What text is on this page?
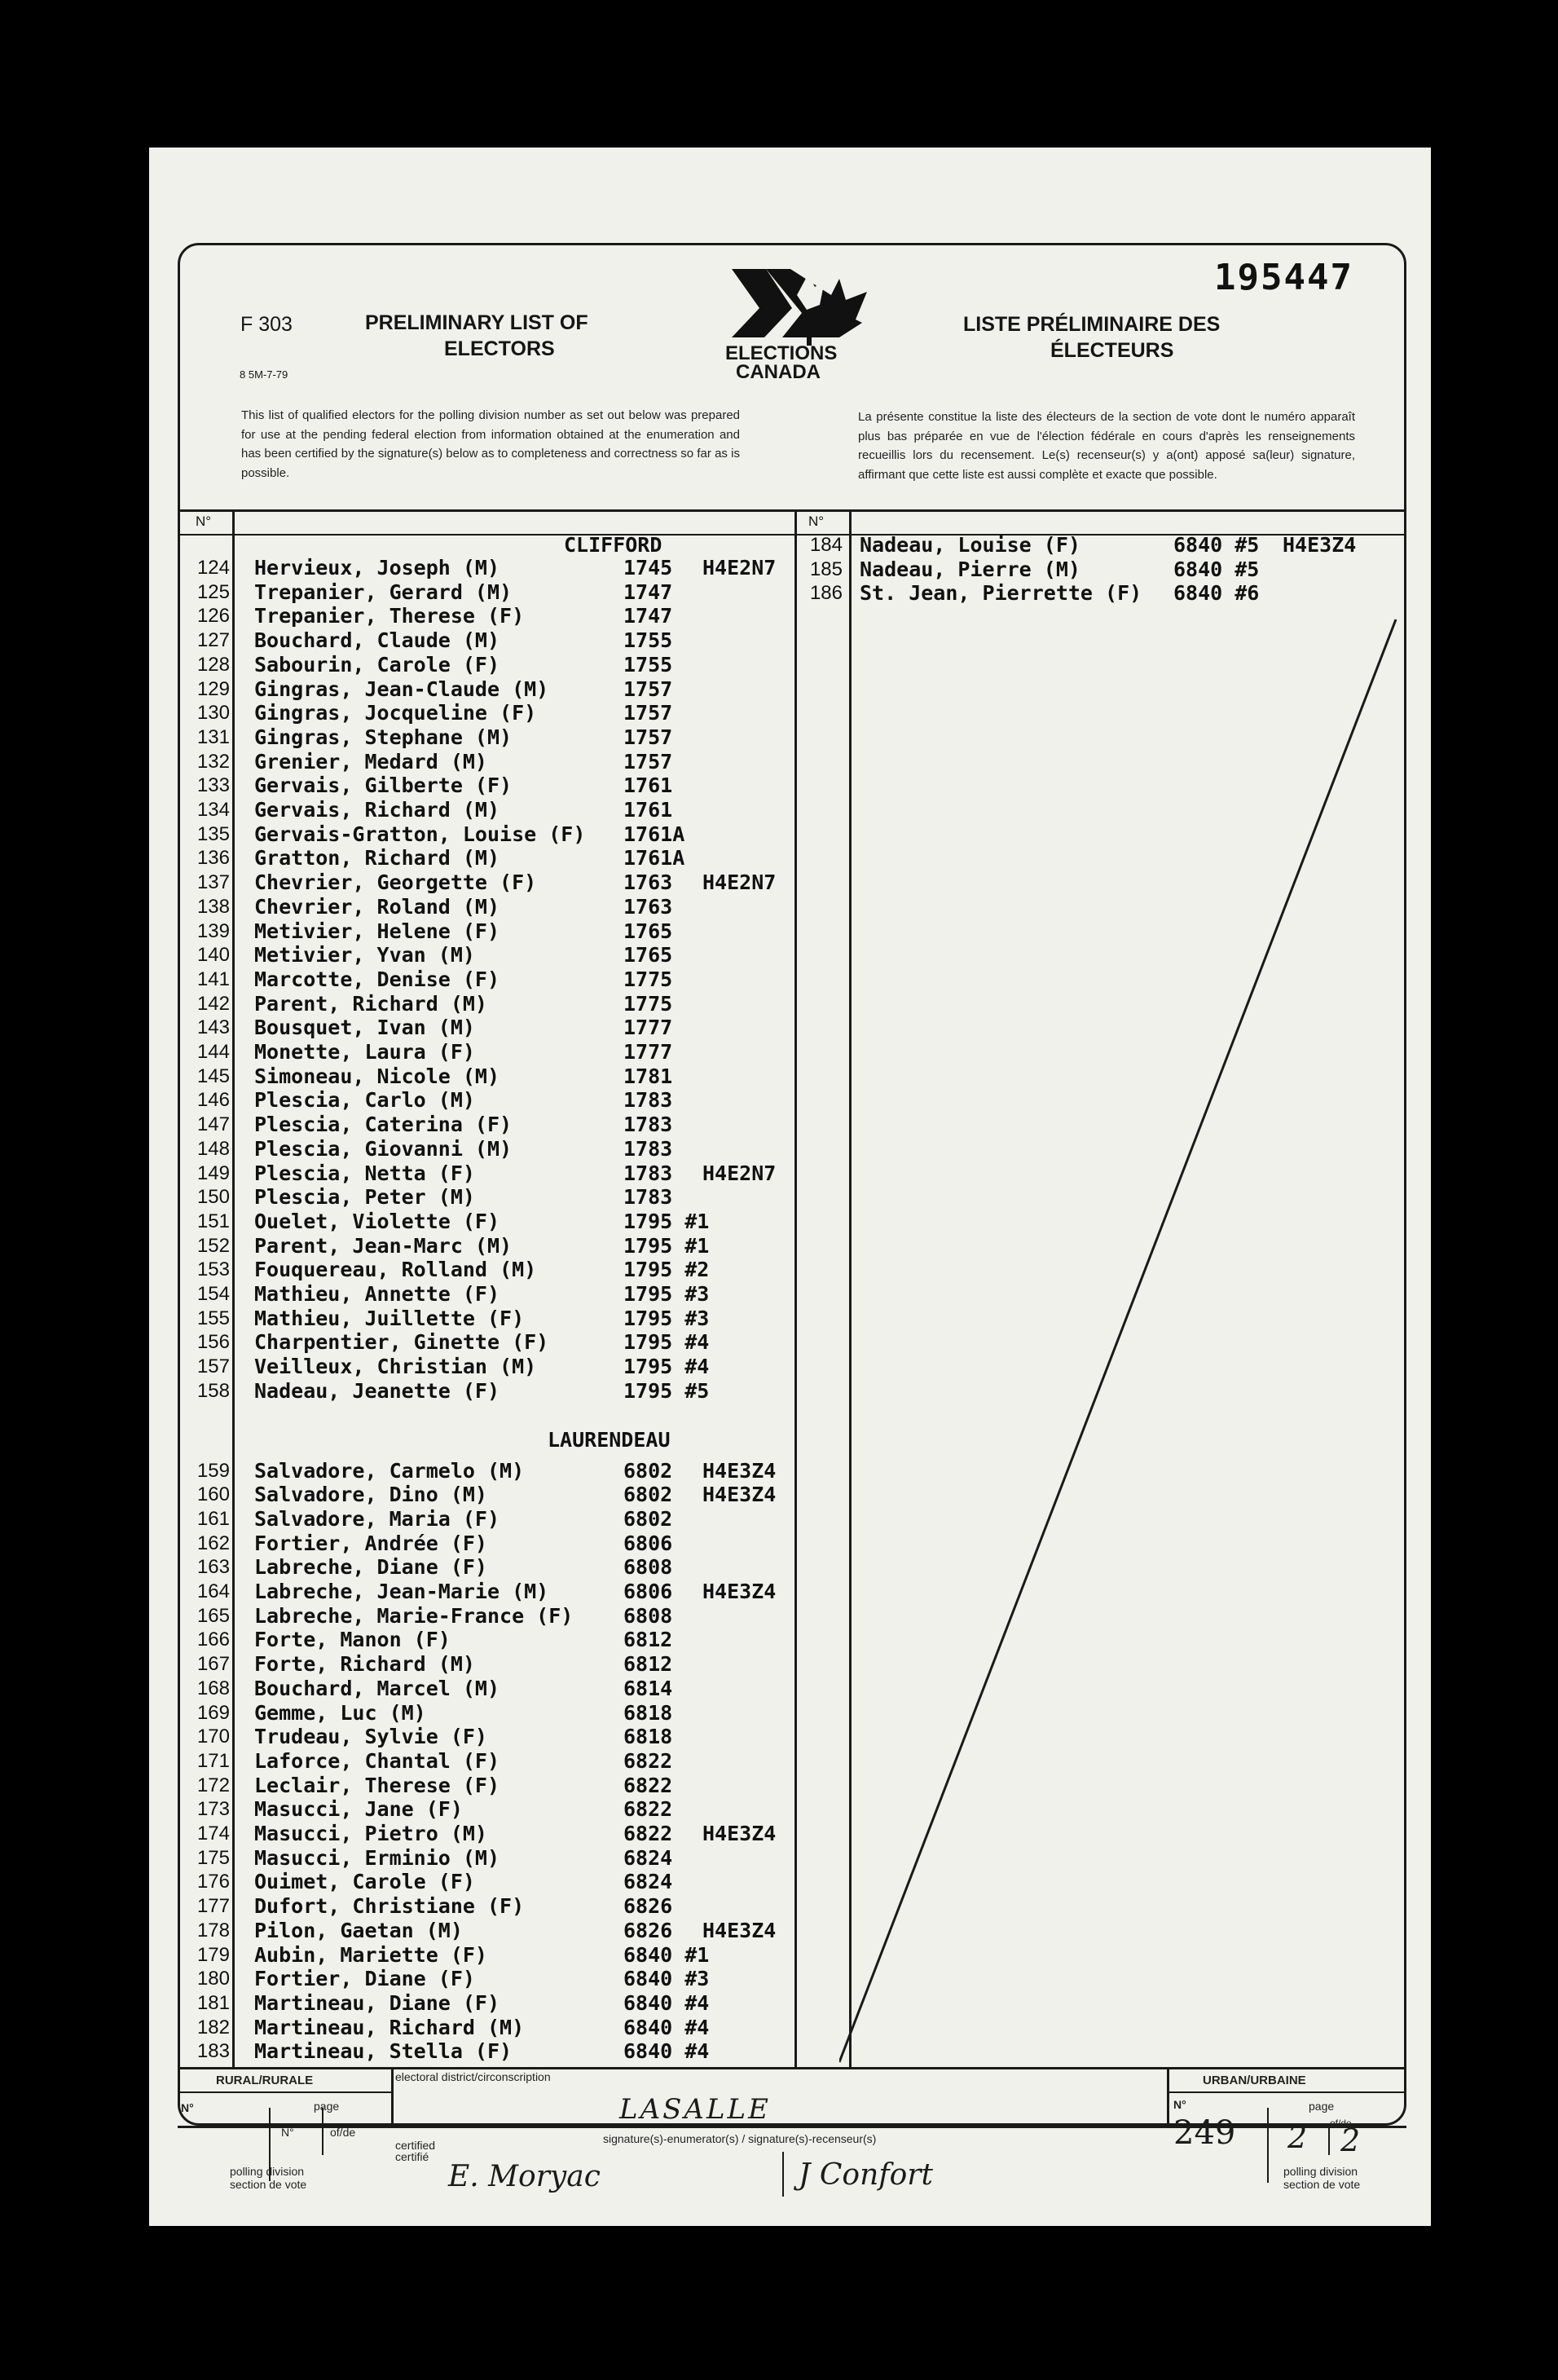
195447
F 303
8 5M-7-79
PRELIMINARY LIST OF
ELECTORS	ELECTIONS
CANADA
LISTE PRÉLIMINAIRE DES
ÉLECTEURS
This list of qualified electors for the polling division number as set out below was prepared for use at the pending federal election from information obtained at the enumeration and has been certified by the signature(s) below as to completeness and correctness so far as is possible.
La présente constitue la liste des électeurs de la section de vote dont le numéro apparaît plus bas préparée en vue de l'élection fédérale en cours d'après les renseignements recueillis lors du recensement. Le(s) recenseur(s) y a(ont) apposé sa(leur) signature, affirmant que cette liste est aussi complète et exacte que possible.
N°	N°
CLIFFORD
LAURENDEAU
124 Hervieux, Joseph (M)	1745 H4E2N7
125 Trepanier, Gerard (M)	1747
126 Trepanier, Therese (F)	1747
127 Bouchard, Claude (M)	1755
128 Sabourin, Carole (F)	1755
129 Gingras, Jean-Claude (M)	1757
130 Gingras, Jocqueline (F)	1757
131 Gingras, Stephane (M)	1757
132 Grenier, Medard (M)	1757
133 Gervais, Gilberte (F)	1761
134 Gervais, Richard (M)	1761
135 Gervais-Gratton, Louise (F) 1761A
136 Gratton, Richard (M)	1761A
137 Chevrier, Georgette (F)	1763 H4E2N7
138 Chevrier, Roland (M)	1763
139 Metivier, Helene (F)	1765
140 Metivier, Yvan (M)	1765
141 Marcotte, Denise (F)	1775
142 Parent, Richard (M)	1775
143 Bousquet, Ivan (M)	1777
144 Monette, Laura (F)	1777
145 Simoneau, Nicole (M)	1781
146 Plescia, Carlo (M)	1783
147 Plescia, Caterina (F)	1783
148 Plescia, Giovanni (M)	1783
149 Plescia, Netta (F)	1783 H4E2N7
150 Plescia, Peter (M)	1783
151 Ouelet, Violette (F)	1795 #1
152 Parent, Jean-Marc (M)	1795 #1
153 Fouquereau, Rolland (M)	1795 #2
154 Mathieu, Annette (F)	1795 #3
155 Mathieu, Juillette (F)	1795 #3
156 Charpentier, Ginette (F)	1795 #4
157 Veilleux, Christian (M)	1795 #4
158 Nadeau, Jeanette (F)	1795 #5
159 Salvadore, Carmelo (M)	6802 H4E3Z4
160 Salvadore, Dino (M)	6802 H4E3Z4
161 Salvadore, Maria (F)	6802
162 Fortier, Andrée (F)	6806
163 Labreche, Diane (F)	6808
164 Labreche, Jean-Marie (M)	6806 H4E3Z4
165 Labreche, Marie-France (F) 6808
166 Forte, Manon (F)	6812
167 Forte, Richard (M)	6812
168 Bouchard, Marcel (M)	6814
169 Gemme, Luc (M)	6818
170 Trudeau, Sylvie (F)	6818
171 Laforce, Chantal (F)	6822
172 Leclair, Therese (F)	6822
173 Masucci, Jane (F)	6822
174 Masucci, Pietro (M)	6822 H4E3Z4
175 Masucci, Erminio (M)	6824
176 Ouimet, Carole (F)	6824
177 Dufort, Christiane (F)	6826
178 Pilon, Gaetan (M)	6826 H4E3Z4
179 Aubin, Mariette (F)	6840 #1
180 Fortier, Diane (F)	6840 #3
181 Martineau, Diane (F)	6840 #4
182 Martineau, Richard (M)	6840 #4
183 Martineau, Stella (F)	6840 #4
184 Nadeau, Louise (F)	6840 #5 H4E3Z4
185 Nadeau, Pierre (M)	6840 #5
186 St. Jean, Pierrette (F) 6840 #6
RURAL/RURALE	URBAN/URBAINE
N°	page
N°	of/de
polling division
section de vote
electoral district/circonscription
LASALLE
certified
certifié
signature(s)-enumerator(s) / signature(s)-recenseur(s)
E. Moryac	J Confort
N°	page
of/de
249 2 2
polling division
section de vote
